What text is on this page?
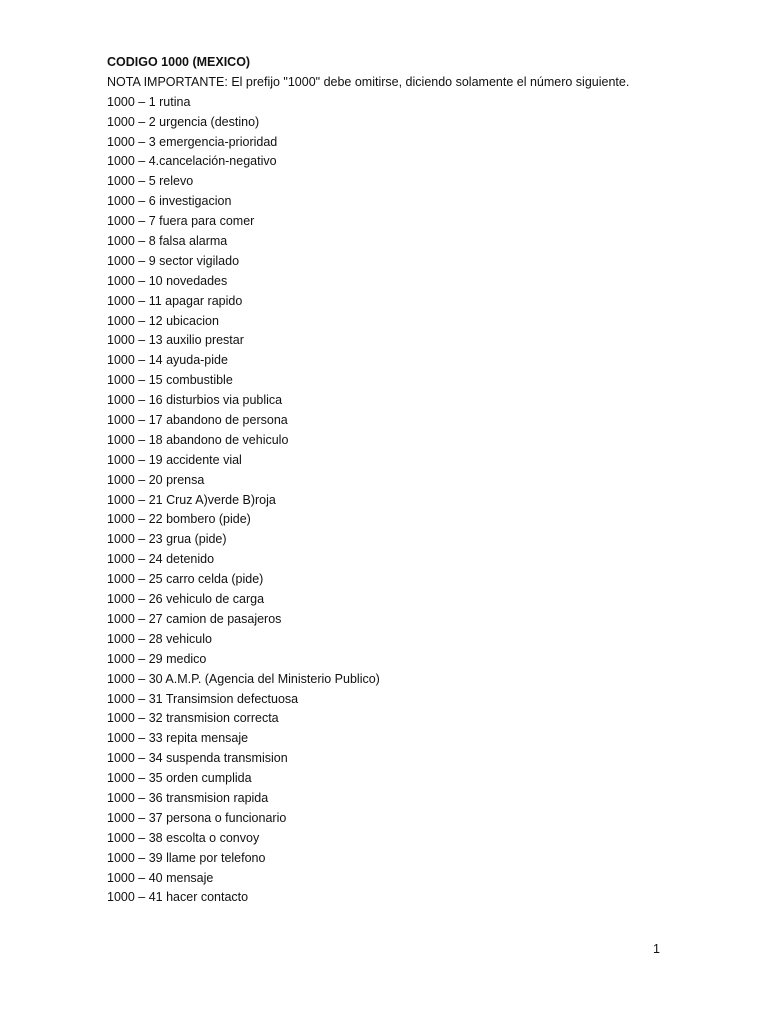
CODIGO 1000 (MEXICO)
NOTA IMPORTANTE: El prefijo "1000" debe omitirse, diciendo solamente el número siguiente.
1000 – 1 rutina
1000 – 2 urgencia (destino)
1000 – 3 emergencia-prioridad
1000 – 4.cancelación-negativo
1000 – 5 relevo
1000 – 6 investigacion
1000 – 7 fuera para comer
1000 – 8 falsa alarma
1000 – 9 sector vigilado
1000 – 10 novedades
1000 – 11 apagar rapido
1000 – 12 ubicacion
1000 – 13 auxilio prestar
1000 – 14 ayuda-pide
1000 – 15 combustible
1000 – 16 disturbios via publica
1000 – 17 abandono de persona
1000 – 18 abandono de vehiculo
1000 – 19 accidente vial
1000 – 20 prensa
1000 – 21 Cruz A)verde B)roja
1000 – 22 bombero (pide)
1000 – 23 grua (pide)
1000 – 24 detenido
1000 – 25 carro celda (pide)
1000 – 26 vehiculo de carga
1000 – 27 camion de pasajeros
1000 – 28 vehiculo
1000 – 29 medico
1000 – 30 A.M.P. (Agencia del Ministerio Publico)
1000 – 31 Transimsion defectuosa
1000 – 32 transmision correcta
1000 – 33 repita mensaje
1000 – 34 suspenda transmision
1000 – 35 orden cumplida
1000 – 36 transmision rapida
1000 – 37 persona o funcionario
1000 – 38 escolta o convoy
1000 – 39 llame por telefono
1000 – 40 mensaje
1000 – 41 hacer contacto
1
